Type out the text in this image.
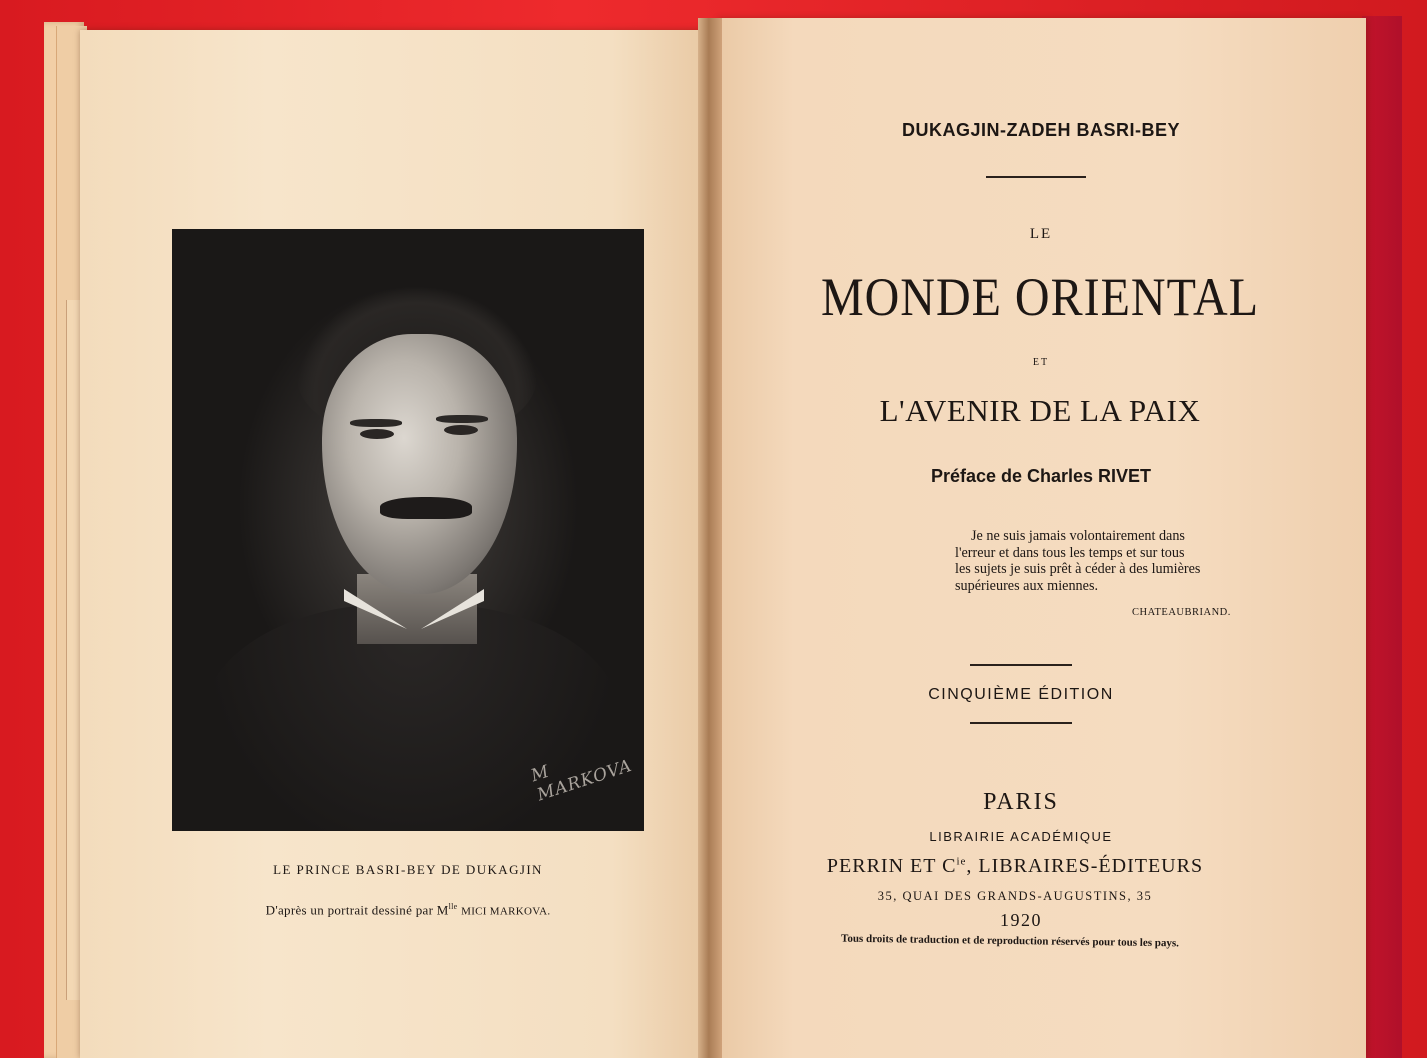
M MARKOVA
LE PRINCE BASRI-BEY DE DUKAGJIN
D'après un portrait dessiné par $M^{lle}$ MICI MARKOVA.
DUKAGJIN-ZADEH BASRI-BEY
LE
MONDE ORIENTAL
ET
L'AVENIR DE LA PAIX
Préface de Charles RIVET
Je ne suis jamais volontairement dans
l'erreur et dans tous les temps et sur tous
les sujets je suis prêt à céder à des lumières
supérieures aux miennes.
CHATEAUBRIAND.
CINQUIÈME ÉDITION
PARIS
LIBRAIRIE ACADÉMIQUE
PERRIN ET $C^{ie}$, LIBRAIRES-ÉDITEURS
35, QUAI DES GRANDS-AUGUSTINS, 35
1920
Tous droits de traduction et de reproduction réservés pour tous les pays.
